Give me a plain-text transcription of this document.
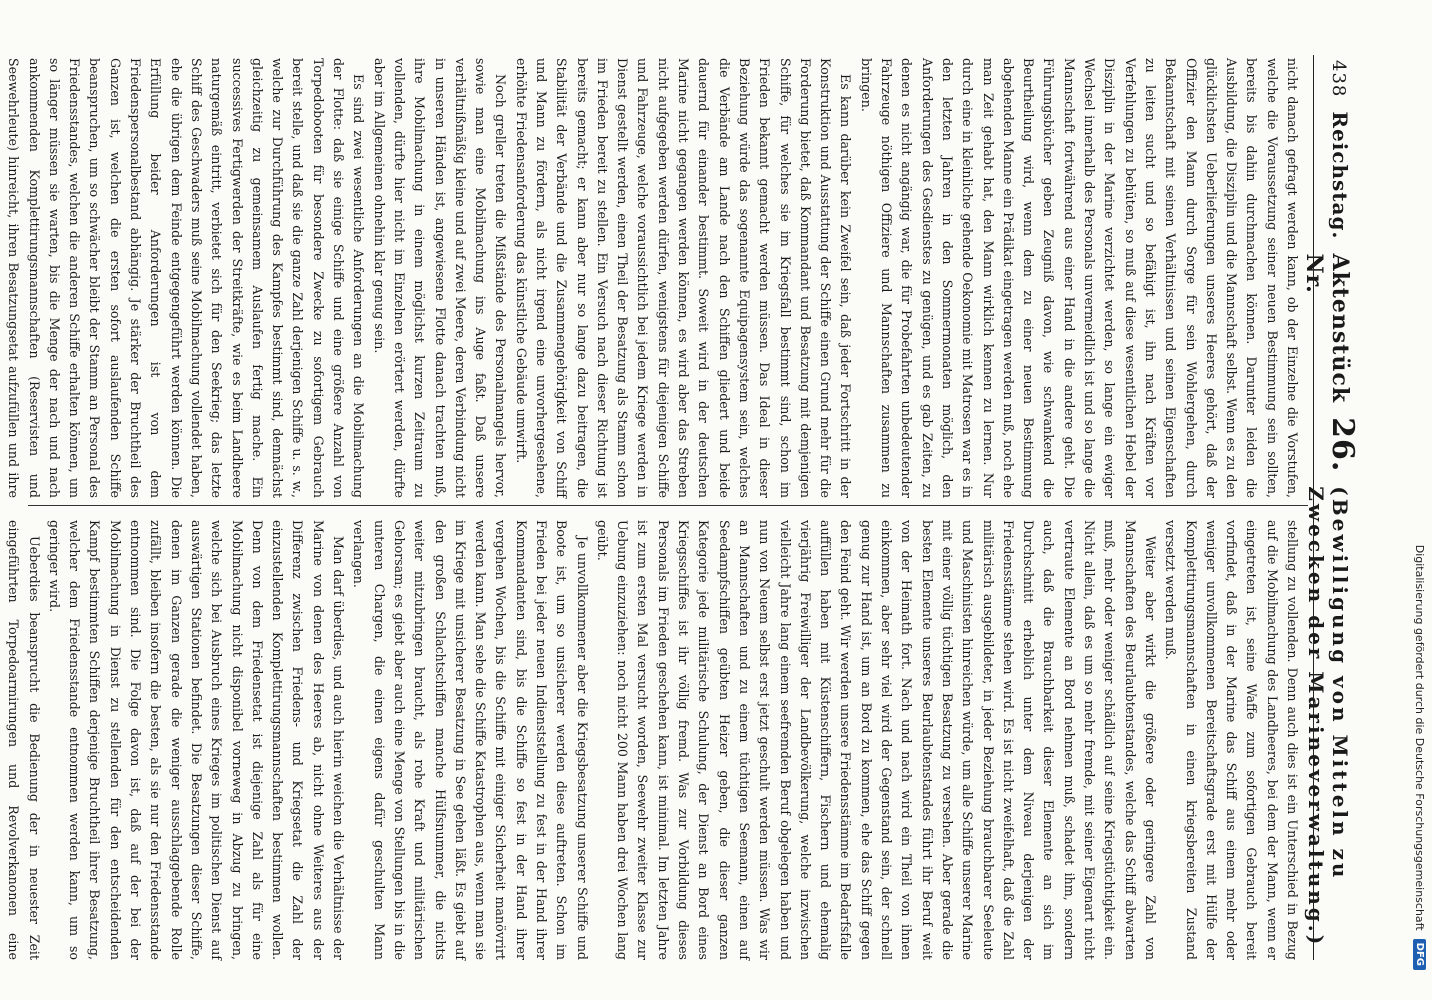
438
Reichstag.
Aktenstück Nr.
26.
(Bewilligung von Mitteln zu Zwecken der Marineverwaltung.)

nicht danach gefragt werden kann, ob der Einzelne die Vorstufen, welche die Voraussetzung seiner neuen Bestimmung sein sollten, bereits bis dahin durchmachen können. Darunter leiden die Ausbildung, die Disziplin und die Mannschaft selbst. Wenn es zu den glücklichsten Ueberlieferungen unseres Heeres gehört, daß der Offizier den Mann durch Sorge für sein Wohlergehen, durch Bekanntschaft mit seinen Verhältnissen und seinen Eigenschaften zu leiten sucht und so befähigt ist, ihn nach Kräften vor Verfehlungen zu behüten, so muß auf diese wesentlichen Hebel der Disziplin in der Marine verzichtet werden, so lange ein ewiger Wechsel innerhalb des Personals unvermeidlich ist und so lange die Mannschaft fortwährend aus einer Hand in die andere geht. Die Führungsbücher geben Zeugniß davon, wie schwankend die Beurtheilung wird, wenn dem zu einer neuen Bestimmung abgehenden Manne ein Prädikat eingetragen werden muß, noch ehe man Zeit gehabt hat, den Mann wirklich kennen zu lernen. Nur durch eine in kleinliche gehende Oekonomie mit Matrosen war es in den letzten Jahren in den Sommermonaten möglich, den Anforderungen des Gesdienstes zu genügen, und es gab Zeiten, zu denen es nicht angängig war, die für Probefahrten unbedeutender Fahrzeuge nöthigen Offiziere und Mannschaften zusammen zu bringen.

Es kann darüber kein Zweifel sein, daß jeder Fortschritt in der Konstruktion und Ausstattung der Schiffe einen Grund mehr für die Forderung bietet, daß Kommandant und Besatzung mit demjenigen Schiffe, für welches sie im Kriegsfall bestimmt sind, schon im Frieden bekannt gemacht werden müssen. Das Ideal in dieser Beziehung würde das sogenannte Equipagensystem sein, welches die Verbände am Lande nach den Schiffen gliedert und beide dauernd für einander bestimmt. Soweit wird in der deutschen Marine nicht gegangen werden können, es wird aber das Streben nicht aufgegeben werden dürfen, wenigstens für diejenigen Schiffe und Fahrzeuge, welche voraussichtlich bei jedem Kriege werden in Dienst gestellt werden, einen Theil der Besatzung als Stamm schon im Frieden bereit zu stellen. Ein Versuch nach dieser Richtung ist bereits gemacht; er kann aber nur so lange dazu beitragen, die Stabilität der Verbände und die Zusammengehörigkeit von Schiff und Mann zu fördern, als nicht irgend eine unvorhergesehene, erhöhte Friedensanforderung das künstliche Gebäude umwirft.

Noch greller treten die Mißstände des Personalmangels hervor, sowie man eine Mobilmachung ins Auge faßt. Daß unsere verhältnißmäßig kleine und auf zwei Meere, deren Verbindung nicht in unseren Händen ist, angewiesene Flotte danach trachten muß, ihre Mobilmachung in einem möglichst kurzen Zeitraum zu vollenden, dürfte hier nicht im Einzelnen erörtert werden, dürfte aber im Allgemeinen ohnehin klar genug sein.

Es sind zwei wesentliche Anforderungen an die Mobilmachung der Flotte: daß sie einige Schiffe und eine größere Anzahl von Torpedobooten für besondere Zwecke zu sofortigem Gebrauch bereit stelle, und daß sie die ganze Zahl derjenigen Schiffe u. s. w., welche zur Durchführung des Kampfes bestimmt sind, demnächst gleichzeitig zu gemeinsamem Auslaufen fertig mache. Ein successives Fertigwerden der Streitkräfte, wie es beim Landheere naturgemäß eintritt, verbietet sich für den Seekrieg; das letzte Schiff des Geschwaders muß seine Mobilmachung vollendet haben, ehe die übrigen dem Feinde entgegengeführt werden können. Die Erfüllung beider Anforderungen ist von dem Friedenspersonalbestand abhängig. Je stärker der Bruchtheil des Ganzen ist, welchen die ersten sofort auslaufenden Schiffe beanspruchen, um so schwächer bleibt der Stamm an Personal des Friedensstandes, welchen die anderen Schiffe erhalten können, um so länger müssen sie warten, bis die Menge der nach und nach ankommenden Komplettirungsmannschaften (Reservisten und Seewehrleute) hinreicht, ihren Besatzungsetat aufzufüllen und ihre

stellung zu vollenden. Denn auch dies ist ein Unterschied in Bezug auf die Mobilmachung des Landheeres, bei dem der Mann, wenn er eingetreten ist, seine Waffe zum sofortigen Gebrauch bereit vorfindet, daß in der Marine das Schiff aus einem mehr oder weniger unvollkommenen Bereitschaftsgrade erst mit Hülfe der Komplettirungsmannschaften in einen kriegsbereiten Zustand versetzt werden muß.

Weiter aber wirkt die größere oder geringere Zahl von Mannschaften des Beurlaubtenstandes, welche das Schiff abwarten muß, mehr oder weniger schädlich auf seine Kriegstüchtigkeit ein. Nicht allein, daß es um so mehr fremde, mit seiner Eigenart nicht vertraute Elemente an Bord nehmen muß, schadet ihm, sondern auch, daß die Brauchbarkeit dieser Elemente an sich im Durchschnitt erheblich unter dem Niveau derjenigen der Friedensstämme stehen wird. Es ist nicht zweifelhaft, daß die Zahl militärisch ausgebildeter, in jeder Beziehung brauchbarer Seeleute und Maschinisten hinreichen würde, um alle Schiffe unserer Marine mit einer völlig tüchtigen Besatzung zu versehen. Aber gerade die besten Elemente unseres Beurlaubtenstandes führt ihr Beruf weit von der Heimath fort. Nach und nach wird ein Theil von ihnen einkommen, aber sehr viel wird der Gegenstand sein, der schnell genug zur Hand ist, um an Bord zu kommen, ehe das Schiff gegen den Feind geht. Wir werden unsere Friedensstämme im Bedarfsfalle auffüllen haben mit Küstenschiffern, Fischern und ehemalig vierjährig Freiwilliger der Landbevölkerung, welche inzwischen vielleicht Jahre lang einem seefremden Beruf obgelegen haben und nun von Neuem selbst erst jetzt geschult werden müssen. Was wir an Mannschaften und zu einem tüchtigen Seemann, einen auf Seedampfschiffen geübten Heizer geben, die dieser ganzen Kategorie jede militärische Schulung, der Dienst an Bord eines Kriegsschiffes ist ihr völlig fremd. Was zur Vorbildung dieses Personals im Frieden geschehen kann, ist minimal. Im letzten Jahre ist zum ersten Mal versucht worden, Seewehr zweiter Klasse zur Uebung einzuziehen: noch nicht 200 Mann haben drei Wochen lang geübt.

Je unvollkommener aber die Kriegsbesatzung unserer Schiffe und Boote ist, um so unsicherer werden diese auftreten. Schon im Frieden bei jeder neuen Indienststellung zu fest in der Hand ihrer Kommandanten sind, bis die Schiffe so fest in der Hand ihrer vergehen Wochen, bis die Schiffe mit einiger Sicherheit manövrirt werden kann. Man sehe die Schiffe Katastrophen aus, wenn man sie im Kriege mit unsicherer Besatzung in See gehen läßt. Es giebt auf den großen Schlachtschiffen manche Hülfsnummer, die nichts weiter mitzubringen braucht, als rohe Kraft und militärischen Gehorsam; es giebt aber auch eine Menge von Stellungen bis in die unteren Chargen, die einen eigens dafür geschulten Mann verlangen.

Man darf überdies, und auch hierin weichen die Verhältnisse der Marine von denen des Heeres ab, nicht ohne Weiteres aus der Differenz zwischen Friedens- und Kriegsetat die Zahl der einzustellenden Komplettirungsmannschaften bestimmen wollen. Denn von dem Friedensetat ist diejenige Zahl als für eine Mobilmachung nicht disponibel vorneweg in Abzug zu bringen, welche sich bei Ausbruch eines Krieges im politischen Dienst auf auswärtigen Stationen befindet. Die Besatzungen dieser Schiffe, denen im Ganzen gerade die weniger ausschlaggebende Rolle zufällt, bleiben insofern die besten, als sie nur den Friedensstande entnommen sind. Die Folge davon ist, daß auf der bei der Mobilmachung in Dienst zu stellenden für den entscheidenden Kampf bestimmten Schiffen derjenige Bruchtheil ihrer Besatzung, welcher dem Friedensstande entnommen werden kann, um so geringer wird.

Ueberdies beansprucht die Bedienung der in neuester Zeit eingeführten Torpedoarmirungen und Revolverkanonen eine

Digitalisierung gefördert durch die Deutsche Forschungsgemeinschaft
DFG
